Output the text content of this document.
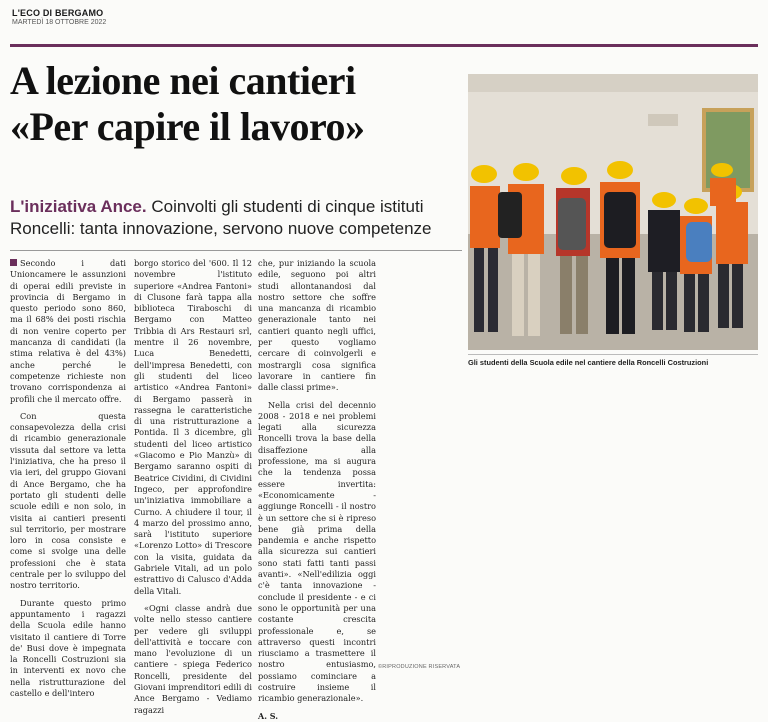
L'ECO DI BERGAMO
MARTEDÌ 18 OTTOBRE 2022
A lezione nei cantieri
«Per capire il lavoro»
L'iniziativa Ance. Coinvolti gli studenti di cinque istituti Roncelli: tanta innovazione, servono nuove competenze
Gli studenti della Scuola edile nel cantiere della Roncelli Costruzioni

Secondo i dati Unioncamere le assunzioni di operai edili previste in provincia di Bergamo in questo periodo sono 860, ma il 68% dei posti rischia di non venire coperto per mancanza di candidati (la stima relativa è del 43%) anche perché le competenze richieste non trovano corrispondenza ai profili che il mercato offre.

Con questa consapevolezza della crisi di ricambio generazionale vissuta dal settore va letta l'iniziativa, che ha preso il via ieri, del gruppo Giovani di Ance Bergamo, che ha portato gli studenti delle scuole edili e non solo, in visita ai cantieri presenti sul territorio, per mostrare loro in cosa consiste e come si svolge una delle professioni che è stata centrale per lo sviluppo del nostro territorio.

Durante questo primo appuntamento i ragazzi della Scuola edile hanno visitato il cantiere di Torre de' Busi dove è impegnata la Roncelli Costruzioni sia in interventi ex novo che nella ristrutturazione del castello e dell'intero

borgo storico del '600. Il 12 novembre l'istituto superiore «Andrea Fantoni» di Clusone farà tappa alla biblioteca Tiraboschi di Bergamo con Matteo Tribbia di Ars Restauri srl, mentre il 26 novembre, Luca Benedetti, dell'impresa Benedetti, con gli studenti del liceo artistico «Andrea Fantoni» di Bergamo passerà in rassegna le caratteristiche di una ristrutturazione a Pontida. Il 3 dicembre, gli studenti del liceo artistico «Giacomo e Pio Manzù» di Bergamo saranno ospiti di Beatrice Cividini, di Cividini Ingeco, per approfondire un'iniziativa immobiliare a Curno. A chiudere il tour, il 4 marzo del prossimo anno, sarà l'istituto superiore «Lorenzo Lotto» di Trescore con la visita, guidata da Gabriele Vitali, ad un polo estrattivo di Calusco d'Adda della Vitali.

«Ogni classe andrà due volte nello stesso cantiere per vedere gli sviluppi dell'attività e toccare con mano l'evoluzione di un cantiere - spiega Federico Roncelli, presidente del Giovani imprenditori edili di Ance Bergamo - Vediamo ragazzi

che, pur iniziando la scuola edile, seguono poi altri studi allontanandosi dal nostro settore che soffre una mancanza di ricambio generazionale tanto nei cantieri quanto negli uffici, per questo vogliamo cercare di coinvolgerli e mostrargli cosa significa lavorare in cantiere fin dalle classi prime».

Nella crisi del decennio 2008 - 2018 e nei problemi legati alla sicurezza Roncelli trova la base della disaffezione alla professione, ma si augura che la tendenza possa essere invertita: «Economicamente - aggiunge Roncelli - il nostro è un settore che si è ripreso bene già prima della pandemia e anche rispetto alla sicurezza sui cantieri sono stati fatti tanti passi avanti». «Nell'edilizia oggi c'è tanta innovazione - conclude il presidente - e ci sono le opportunità per una costante crescita professionale e, se attraverso questi incontri riusciamo a trasmettere il nostro entusiasmo, possiamo cominciare a costruire insieme il ricambio generazionale».

A. S.
©RIPRODUZIONE RISERVATA
